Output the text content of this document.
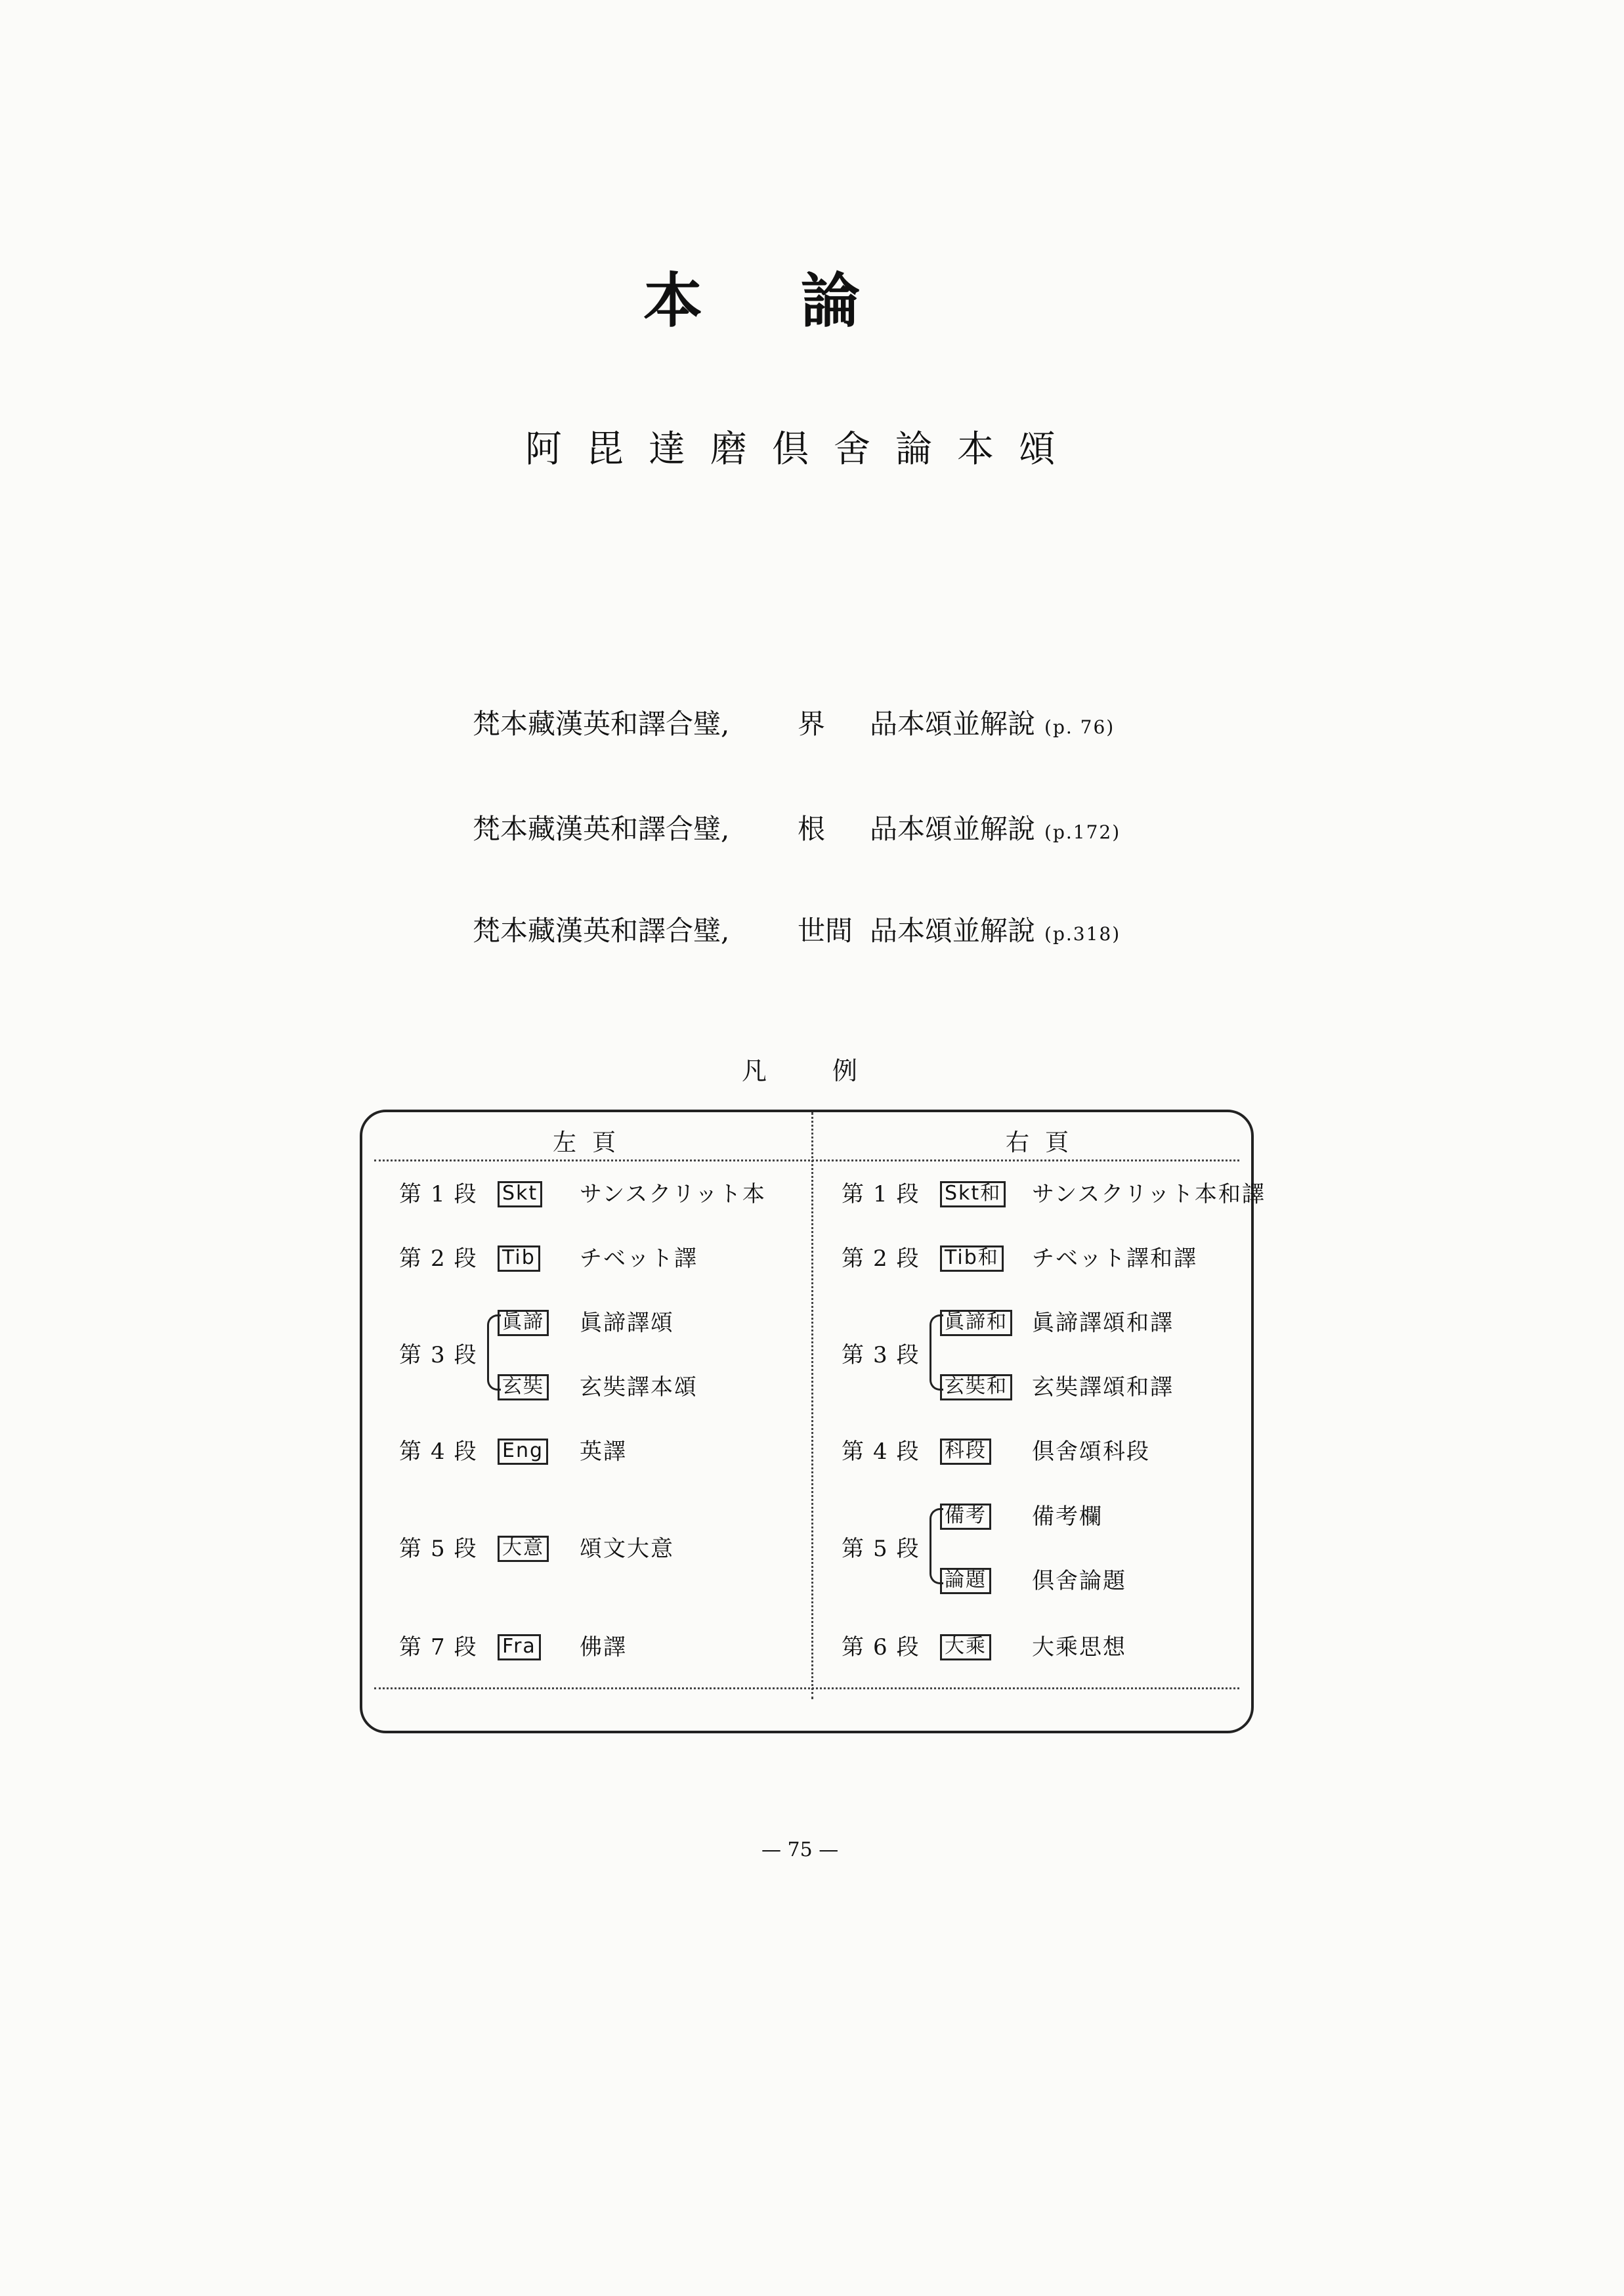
本論
阿毘達磨倶舍論本頌
梵本藏漢英和譯合璧, 界 品本頌並解說 (p. 76)
梵本藏漢英和譯合璧, 根 品本頌並解說 (p.172)
梵本藏漢英和譯合璧, 世間 品本頌並解說 (p.318)
凡例
左頁	右頁
第1段 Skt サンスクリット本
第2段 Tib チベット譯
第3段
眞諦 眞諦譯頌
玄奘 玄奘譯本頌
第4段 Eng 英譯
第5段 大意 頌文大意
第7段 Fra 佛譯
第1段 Skt和 サンスクリット本和譯
第2段 Tib和 チベット譯和譯
第3段
眞諦和 眞諦譯頌和譯
玄奘和 玄奘譯頌和譯
第4段 科段 倶舍頌科段
第5段
備考 備考欄
論題 倶舍論題
第6段 大乘 大乘思想
— 75 —
